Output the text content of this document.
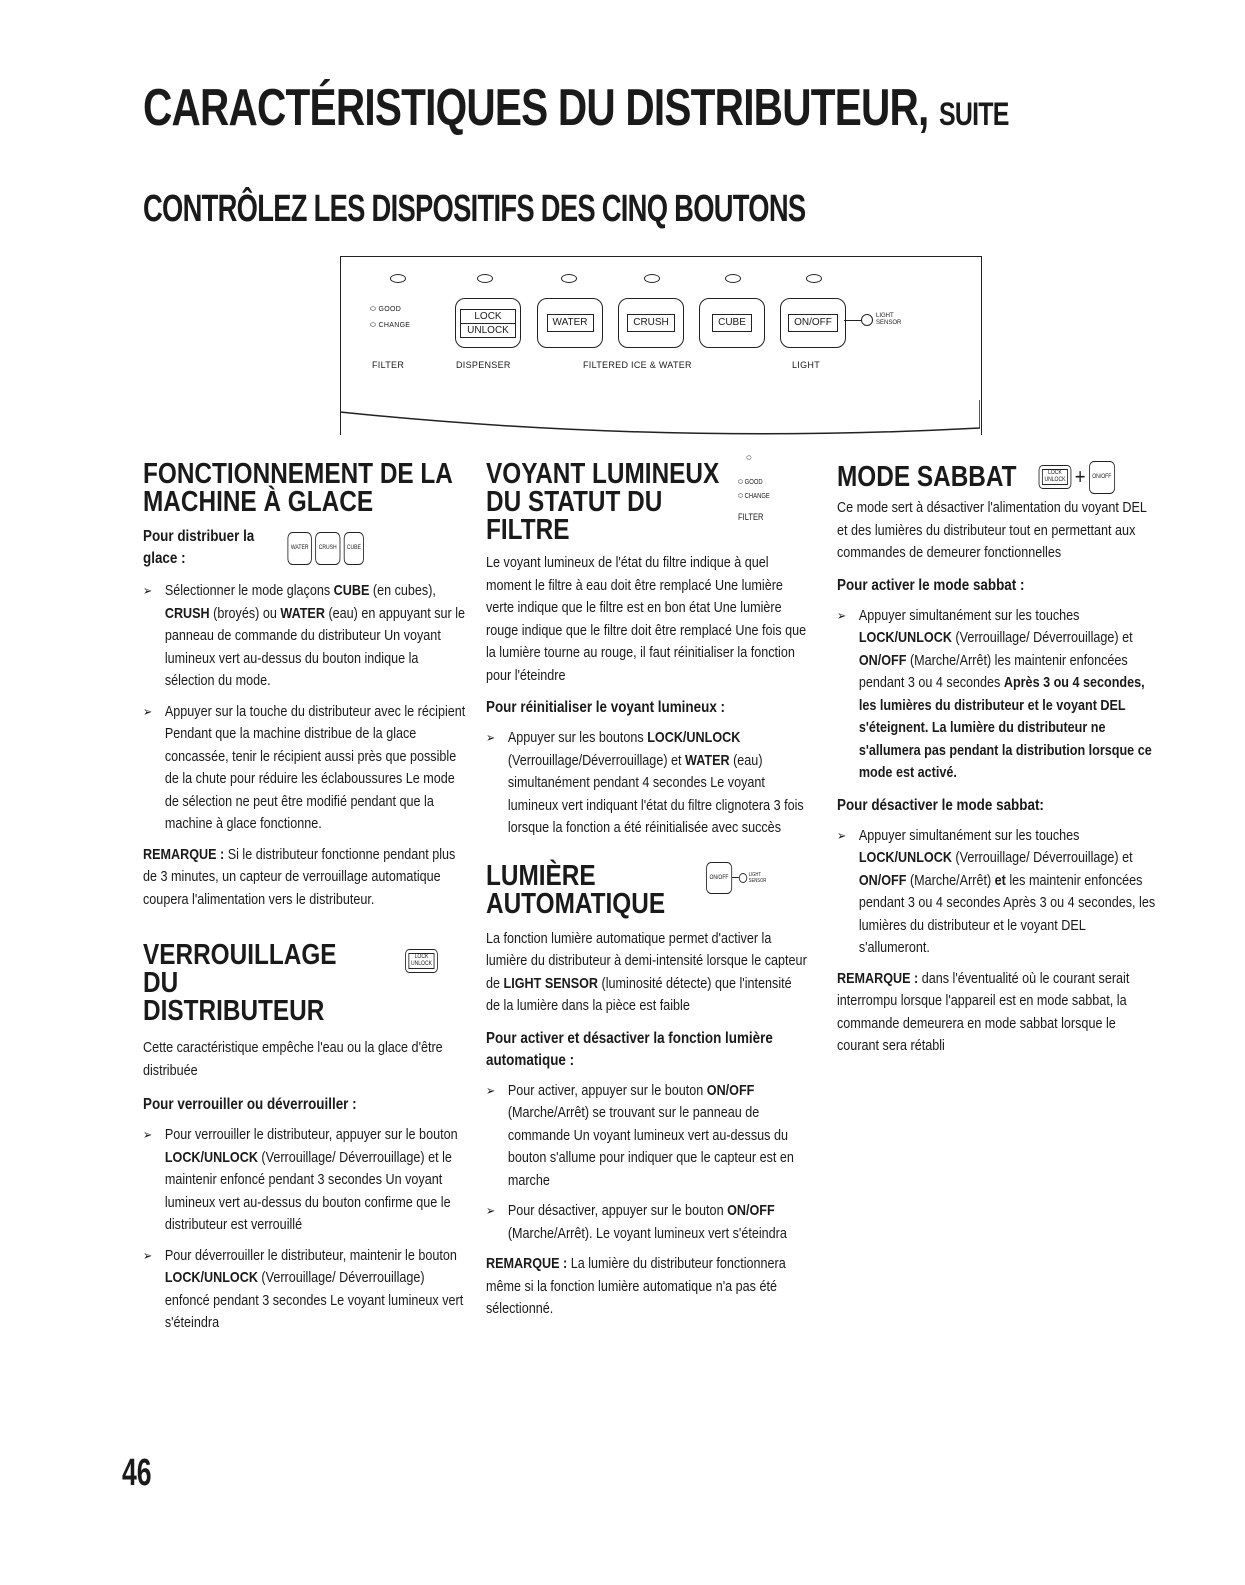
CARACTÉRISTIQUES DU DISTRIBUTEUR, SUITE
CONTRÔLEZ LES DISPOSITIFS DES CINQ BOUTONS
⬭ GOOD
⬭ CHANGE
LOCK
UNLOCK
WATER	CRUSH	CUBE	ON/OFF
LIGHT
SENSOR
FILTER	DISPENSER	FILTERED ICE & WATER	LIGHT
FONCTIONNEMENT DE LA MACHINE À GLACE
Pour distribuer la glace :
WATER CRUSH CUBE

➢ Sélectionner le mode glaçons CUBE (en cubes), CRUSH (broyés) ou WATER (eau) en appuyant sur le panneau de commande du distributeur Un voyant lumineux vert au-dessus du bouton indique la sélection du mode.

➢ Appuyer sur la touche du distributeur avec le récipient Pendant que la machine distribue de la glace concassée, tenir le récipient aussi près que possible de la chute pour réduire les éclaboussures Le mode de sélection ne peut être modifié pendant que la machine à glace fonctionne.

REMARQUE : Si le distributeur fonctionne pendant plus de 3 minutes, un capteur de verrouillage automatique coupera l'alimentation vers le distributeur.

VERROUILLAGE DU DISTRIBUTEUR
LOCK
UNLOCK

Cette caractéristique empêche l'eau ou la glace d'être distribuée

Pour verrouiller ou déverrouiller :

➢ Pour verrouiller le distributeur, appuyer sur le bouton LOCK/UNLOCK (Verrouillage/ Déverrouillage) et le maintenir enfoncé pendant 3 secondes Un voyant lumineux vert au-dessus du bouton confirme que le distributeur est verrouillé

➢ Pour déverrouiller le distributeur, maintenir le bouton LOCK/UNLOCK (Verrouillage/ Déverrouillage) enfoncé pendant 3 secondes Le voyant lumineux vert s'éteindra

VOYANT LUMINEUX DU STATUT DU FILTRE
⬭
⬭ GOOD
⬭ CHANGE
FILTER

Le voyant lumineux de l'état du filtre indique à quel moment le filtre à eau doit être remplacé Une lumière verte indique que le filtre est en bon état Une lumière rouge indique que le filtre doit être remplacé Une fois que la lumière tourne au rouge, il faut réinitialiser la fonction pour l'éteindre

Pour réinitialiser le voyant lumineux :

➢ Appuyer sur les boutons LOCK/UNLOCK (Verrouillage/Déverrouillage) et WATER (eau) simultanément pendant 4 secondes Le voyant lumineux vert indiquant l'état du filtre clignotera 3 fois lorsque la fonction a été réinitialisée avec succès

LUMIÈRE AUTOMATIQUE
ON/OFF	LIGHT
SENSOR

La fonction lumière automatique permet d'activer la lumière du distributeur à demi-intensité lorsque le capteur de LIGHT SENSOR (luminosité détecte) que l'intensité de la lumière dans la pièce est faible

Pour activer et désactiver la fonction lumière automatique :

➢ Pour activer, appuyer sur le bouton ON/OFF (Marche/Arrêt) se trouvant sur le panneau de commande Un voyant lumineux vert au-dessus du bouton s'allume pour indiquer que le capteur est en marche

➢ Pour désactiver, appuyer sur le bouton ON/OFF (Marche/Arrêt). Le voyant lumineux vert s'éteindra

REMARQUE : La lumière du distributeur fonctionnera même si la fonction lumière automatique n'a pas été sélectionné.

MODE SABBAT	LOCK
UNLOCK +	ON/OFF

Ce mode sert à désactiver l'alimentation du voyant DEL et des lumières du distributeur tout en permettant aux commandes de demeurer fonctionnelles

Pour activer le mode sabbat :

➢ Appuyer simultanément sur les touches LOCK/UNLOCK (Verrouillage/ Déverrouillage) et ON/OFF (Marche/Arrêt) les maintenir enfoncées pendant 3 ou 4 secondes Après 3 ou 4 secondes, les lumières du distributeur et le voyant DEL s'éteignent. La lumière du distributeur ne s'allumera pas pendant la distribution lorsque ce mode est activé.

Pour désactiver le mode sabbat:

➢ Appuyer simultanément sur les touches LOCK/UNLOCK (Verrouillage/ Déverrouillage) et ON/OFF (Marche/Arrêt) et les maintenir enfoncées pendant 3 ou 4 secondes Après 3 ou 4 secondes, les lumières du distributeur et le voyant DEL s'allumeront.

REMARQUE : dans l'éventualité où le courant serait interrompu lorsque l'appareil est en mode sabbat, la commande demeurera en mode sabbat lorsque le courant sera rétabli

46
